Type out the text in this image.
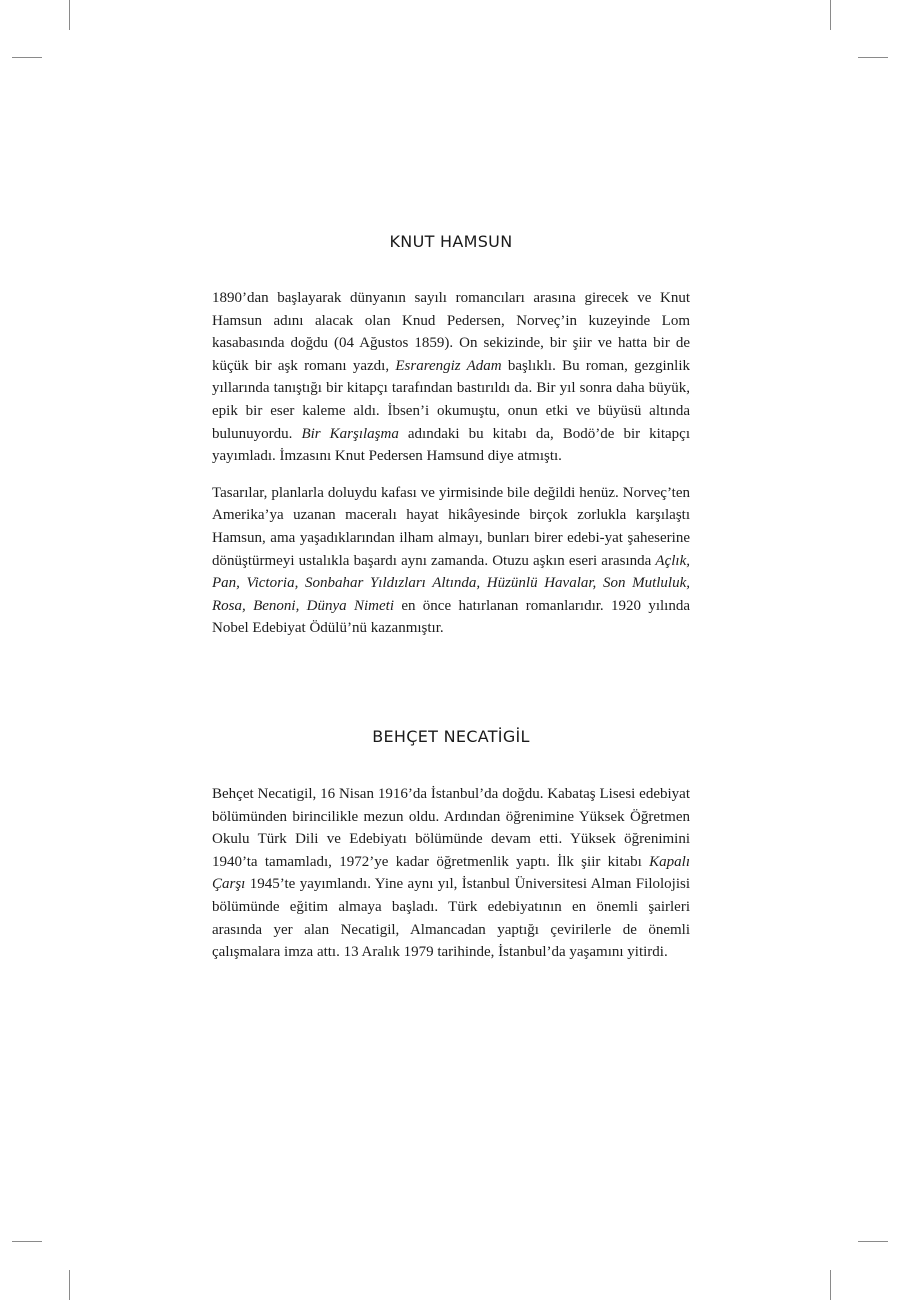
KNUT HAMSUN

1890’dan başlayarak dünyanın sayılı romancıları arasına girecek ve Knut Hamsun adını alacak olan Knud Pedersen, Norveç’in kuzeyinde Lom kasabasında doğdu (04 Ağustos 1859). On sekizinde, bir şiir ve hatta bir de küçük bir aşk romanı yazdı, Esrarengiz Adam başlıklı. Bu roman, gezginlik yıllarında tanıştığı bir kitapçı tarafından bastırıldı da. Bir yıl sonra daha büyük, epik bir eser kaleme aldı. İbsen’i okumuştu, onun etki ve büyüsü altında bulunuyordu. Bir Karşılaşma adındaki bu kitabı da, Bodö’de bir kitapçı yayımladı. İmzasını Knut Pedersen Hamsund diye atmıştı.

Tasarılar, planlarla doluydu kafası ve yirmisinde bile değildi henüz. Norveç’ten Amerika’ya uzanan maceralı hayat hikâyesinde birçok zorlukla karşılaştı Hamsun, ama yaşadıklarından ilham almayı, bunları birer edebi-yat şaheserine dönüştürmeyi ustalıkla başardı aynı zamanda. Otuzu aşkın eseri arasında Açlık, Pan, Victoria, Sonbahar Yıldızları Altında, Hüzünlü Havalar, Son Mutluluk, Rosa, Benoni, Dünya Nimeti en önce hatırlanan romanlarıdır. 1920 yılında Nobel Edebiyat Ödülü’nü kazanmıştır.

BEHÇET NECATİGİL

Behçet Necatigil, 16 Nisan 1916’da İstanbul’da doğdu. Kabataş Lisesi edebiyat bölümünden birincilikle mezun oldu. Ardından öğrenimine Yüksek Öğretmen Okulu Türk Dili ve Edebiyatı bölümünde devam etti. Yüksek öğrenimini 1940’ta tamamladı, 1972’ye kadar öğretmenlik yaptı. İlk şiir kitabı Kapalı Çarşı 1945’te yayımlandı. Yine aynı yıl, İstanbul Üniversitesi Alman Filolojisi bölümünde eğitim almaya başladı. Türk edebiyatının en önemli şairleri arasında yer alan Necatigil, Almancadan yaptığı çevirilerle de önemli çalışmalara imza attı. 13 Aralık 1979 tarihinde, İstanbul’da yaşamını yitirdi.
